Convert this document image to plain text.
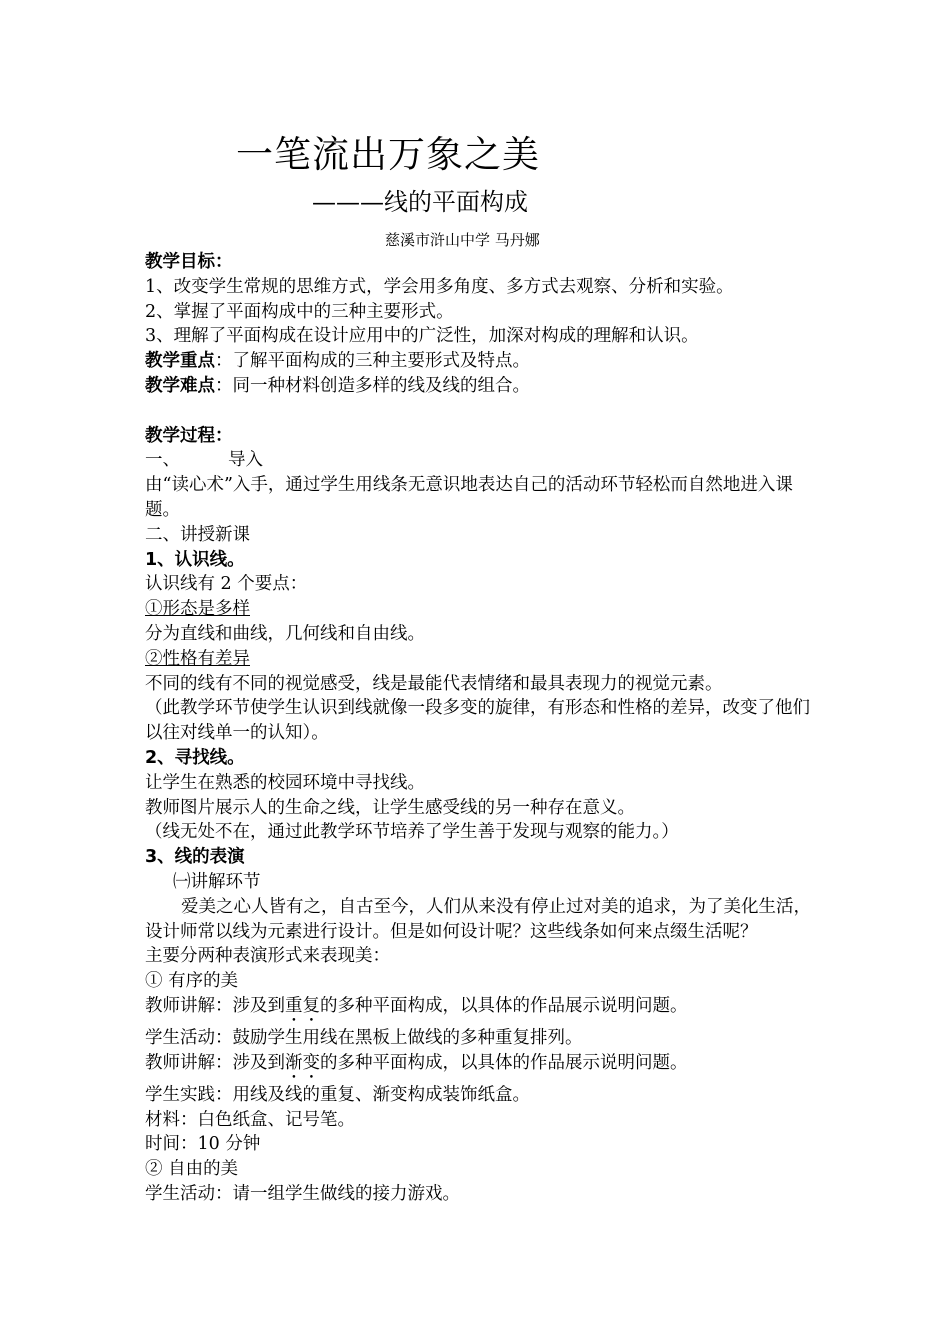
一笔流出万象之美
———线的平面构成
慈溪市浒山中学 马丹娜

教学目标：

1、改变学生常规的思维方式，学会用多角度、多方式去观察、分析和实验。

2、掌握了平面构成中的三种主要形式。

3、理解了平面构成在设计应用中的广泛性，加深对构成的理解和认识。

教学重点：了解平面构成的三种主要形式及特点。

教学难点：同一种材料创造多样的线及线的组合。

教学过程：

一、	导入

由“读心术”入手，通过学生用线条无意识地表达自己的活动环节轻松而自然地进入课题。

二、讲授新课

1、认识线。

认识线有 2 个要点：

①形态是多样

分为直线和曲线，几何线和自由线。

②性格有差异

不同的线有不同的视觉感受，线是最能代表情绪和最具表现力的视觉元素。

（此教学环节使学生认识到线就像一段多变的旋律，有形态和性格的差异，改变了他们以往对线单一的认知）。

2、寻找线。

让学生在熟悉的校园环境中寻找线。

教师图片展示人的生命之线，让学生感受线的另一种存在意义。

（线无处不在，通过此教学环节培养了学生善于发现与观察的能力。）

3、线的表演

㈠讲解环节

爱美之心人皆有之，自古至今，人们从来没有停止过对美的追求，为了美化生活，设计师常以线为元素进行设计。但是如何设计呢？这些线条如何来点缀生活呢？

主要分两种表演形式来表现美：

① 有序的美

教师讲解：涉及到重复的多种平面构成，以具体的作品展示说明问题。

学生活动：鼓励学生用线在黑板上做线的多种重复排列。

教师讲解：涉及到渐变的多种平面构成，以具体的作品展示说明问题。

学生实践：用线及线的重复、渐变构成装饰纸盒。

材料：白色纸盒、记号笔。

时间：10 分钟

② 自由的美

学生活动：请一组学生做线的接力游戏。
